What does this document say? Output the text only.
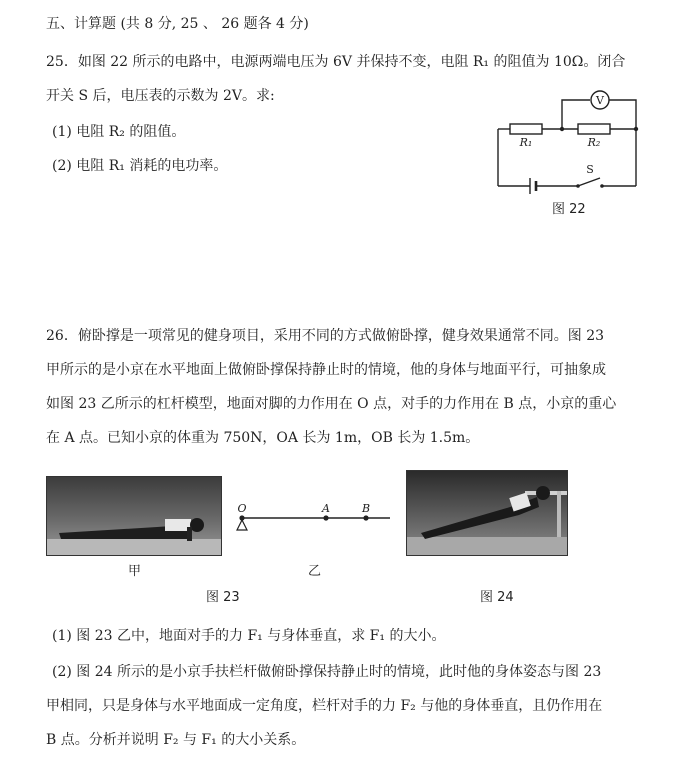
五、计算题 (共 8 分, 25 、 26 题各 4 分)
25．如图 22 所示的电路中，电源两端电压为 6V 并保持不变，电阻 R₁ 的阻值为 10Ω。闭合
开关 S 后，电压表的示数为 2V。求:
(1) 电阻 R₂ 的阻值。
(2) 电阻 R₁ 消耗的电功率。
V
R₁	R₂
S
图 22
26．俯卧撑是一项常见的健身项目，采用不同的方式做俯卧撑，健身效果通常不同。图 23
甲所示的是小京在水平地面上做俯卧撑保持静止时的情境，他的身体与地面平行，可抽象成
如图 23 乙所示的杠杆模型，地面对脚的力作用在 O 点，对手的力作用在 B 点，小京的重心
在 A 点。已知小京的体重为 750N，OA 长为 1m，OB 长为 1.5m。
甲
O	A	B
乙
图 23	图 24
(1) 图 23 乙中，地面对手的力 F₁ 与身体垂直，求 F₁ 的大小。
(2) 图 24 所示的是小京手扶栏杆做俯卧撑保持静止时的情境，此时他的身体姿态与图 23
甲相同，只是身体与水平地面成一定角度，栏杆对手的力 F₂ 与他的身体垂直，且仍作用在
B 点。分析并说明 F₂ 与 F₁ 的大小关系。
